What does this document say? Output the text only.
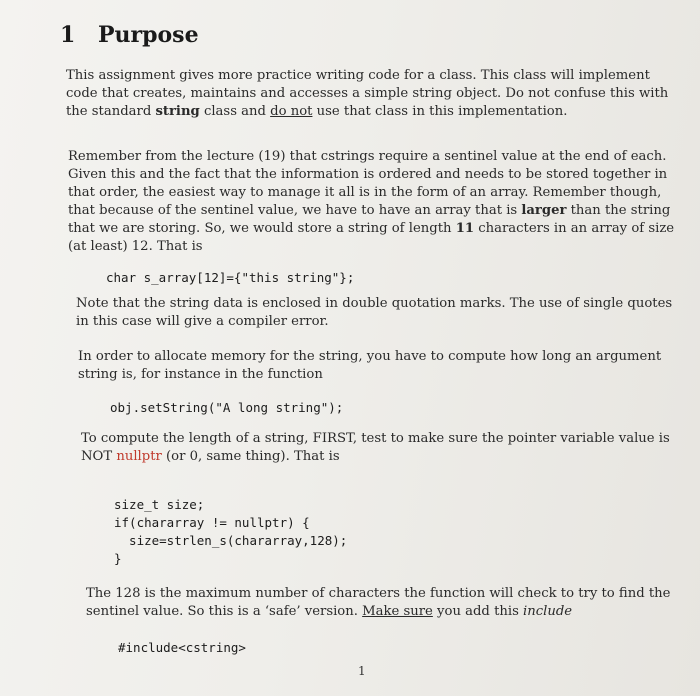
1 Purpose
This assignment gives more practice writing code for a class. This class will implement
code that creates, maintains and accesses a simple string object. Do not confuse this with
the standard string class and do not use that class in this implementation.
Remember from the lecture (19) that cstrings require a sentinel value at the end of each.
Given this and the fact that the information is ordered and needs to be stored together in
that order, the easiest way to manage it all is in the form of an array. Remember though,
that because of the sentinel value, we have to have an array that is larger than the string
that we are storing. So, we would store a string of length 11 characters in an array of size
(at least) 12. That is
char s_array[12]={"this string"};
Note that the string data is enclosed in double quotation marks. The use of single quotes
in this case will give a compiler error.
In order to allocate memory for the string, you have to compute how long an argument
string is, for instance in the function
obj.setString("A long string");
To compute the length of a string, FIRST, test to make sure the pointer variable value is
NOT nullptr (or 0, same thing). That is
size_t size;
if(chararray != nullptr) {
size=strlen_s(chararray,128);
}
The 128 is the maximum number of characters the function will check to try to find the
sentinel value. So this is a ‘safe’ version. Make sure you add this include
#include<cstring>
1
